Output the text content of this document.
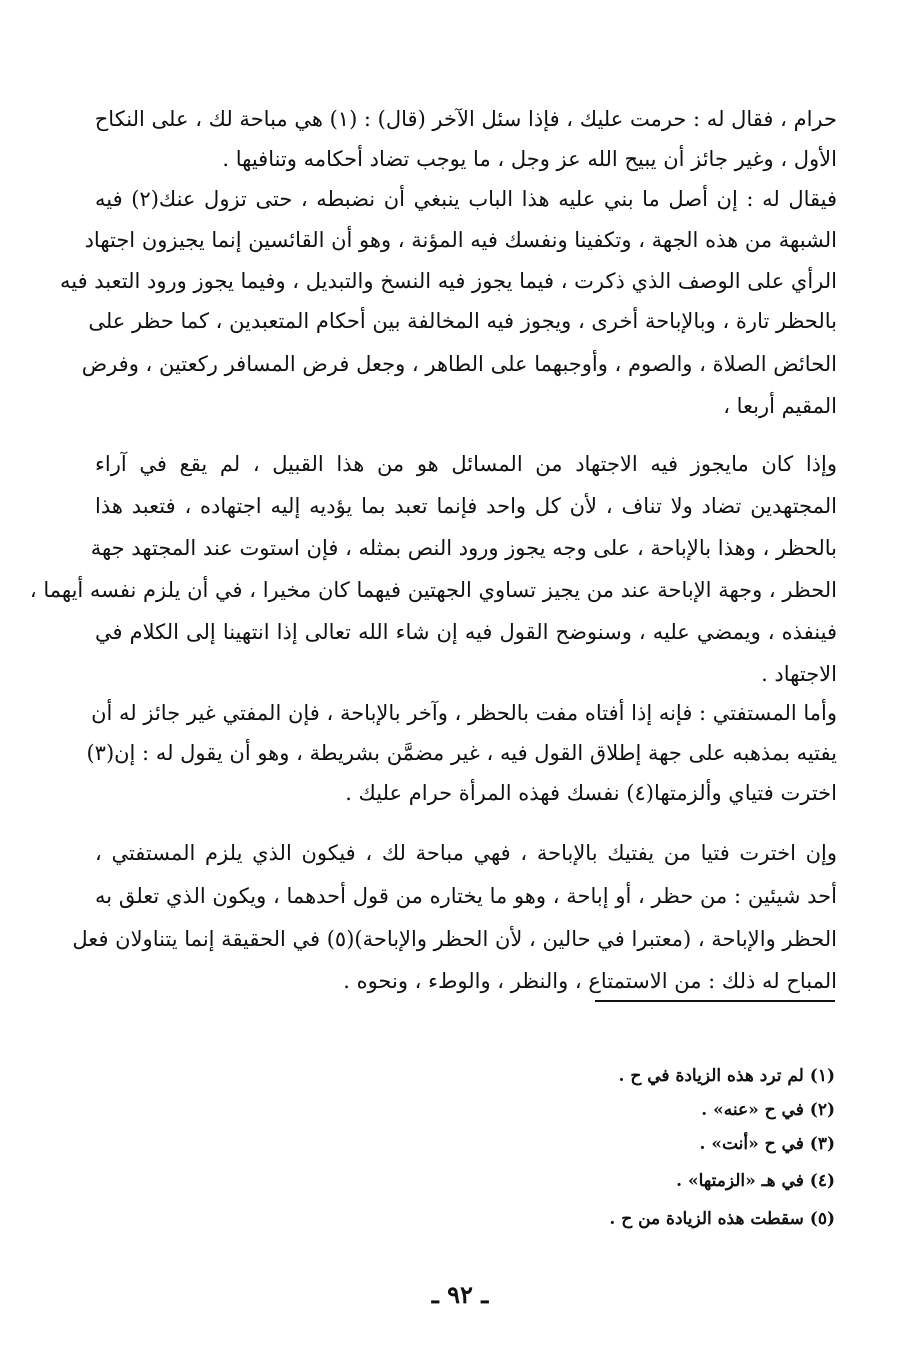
حرام ، فقال له : حرمت عليك ، فإذا سئل الآخر (قال) : (١) هي مباحة لك ، على النكاح
الأول ، وغير جائز أن يبيح الله عز وجل ، ما يوجب تضاد أحكامه وتنافيها .
فيقال له : إن أصل ما بني عليه هذا الباب ينبغي أن نضبطه ، حتى تزول عنك(٢) فيه
الشبهة من هذه الجهة ، وتكفينا ونفسك فيه المؤنة ، وهو أن القائسين إنما يجيزون اجتهاد
الرأي على الوصف الذي ذكرت ، فيما يجوز فيه النسخ والتبديل ، وفيما يجوز ورود التعبد فيه
بالحظر تارة ، وبالإباحة أخرى ، ويجوز فيه المخالفة بين أحكام المتعبدين ، كما حظر على
الحائض الصلاة ، والصوم ، وأوجبهما على الطاهر ، وجعل فرض المسافر ركعتين ، وفرض
المقيم أربعا ،
وإذا كان مايجوز فيه الاجتهاد من المسائل هو من هذا القبيل ، لم يقع في آراء
المجتهدين تضاد ولا تناف ، لأن كل واحد فإنما تعبد بما يؤديه إليه اجتهاده ، فتعبد هذا
بالحظر ، وهذا بالإباحة ، على وجه يجوز ورود النص بمثله ، فإن استوت عند المجتهد جهة
الحظر ، وجهة الإباحة عند من يجيز تساوي الجهتين فيهما كان مخيرا ، في أن يلزم نفسه أيهما ،
فينفذه ، ويمضي عليه ، وسنوضح القول فيه إن شاء الله تعالى إذا انتهينا إلى الكلام في
الاجتهاد .
وأما المستفتي : فإنه إذا أفتاه مفت بالحظر ، وآخر بالإباحة ، فإن المفتي غير جائز له أن
يفتيه بمذهبه على جهة إطلاق القول فيه ، غير مضمَّن بشريطة ، وهو أن يقول له : إن(٣)
اخترت فتياي وألزمتها(٤) نفسك فهذه المرأة حرام عليك .
وإن اخترت فتيا من يفتيك بالإباحة ، فهي مباحة لك ، فيكون الذي يلزم المستفتي ،
أحد شيئين : من حظر ، أو إباحة ، وهو ما يختاره من قول أحدهما ، ويكون الذي تعلق به
الحظر والإباحة ، (معتبرا في حالين ، لأن الحظر والإباحة)(٥) في الحقيقة إنما يتناولان فعل
المباح له ذلك : من الاستمتاع ، والنظر ، والوطء ، ونحوه .
(١) لم ترد هذه الزيادة في ح .
(٢) في ح «عنه» .
(٣) في ح «أنت» .
(٤) في هـ «الزمتها» .
(٥) سقطت هذه الزيادة من ح .
ـ ٩٢ ـ
